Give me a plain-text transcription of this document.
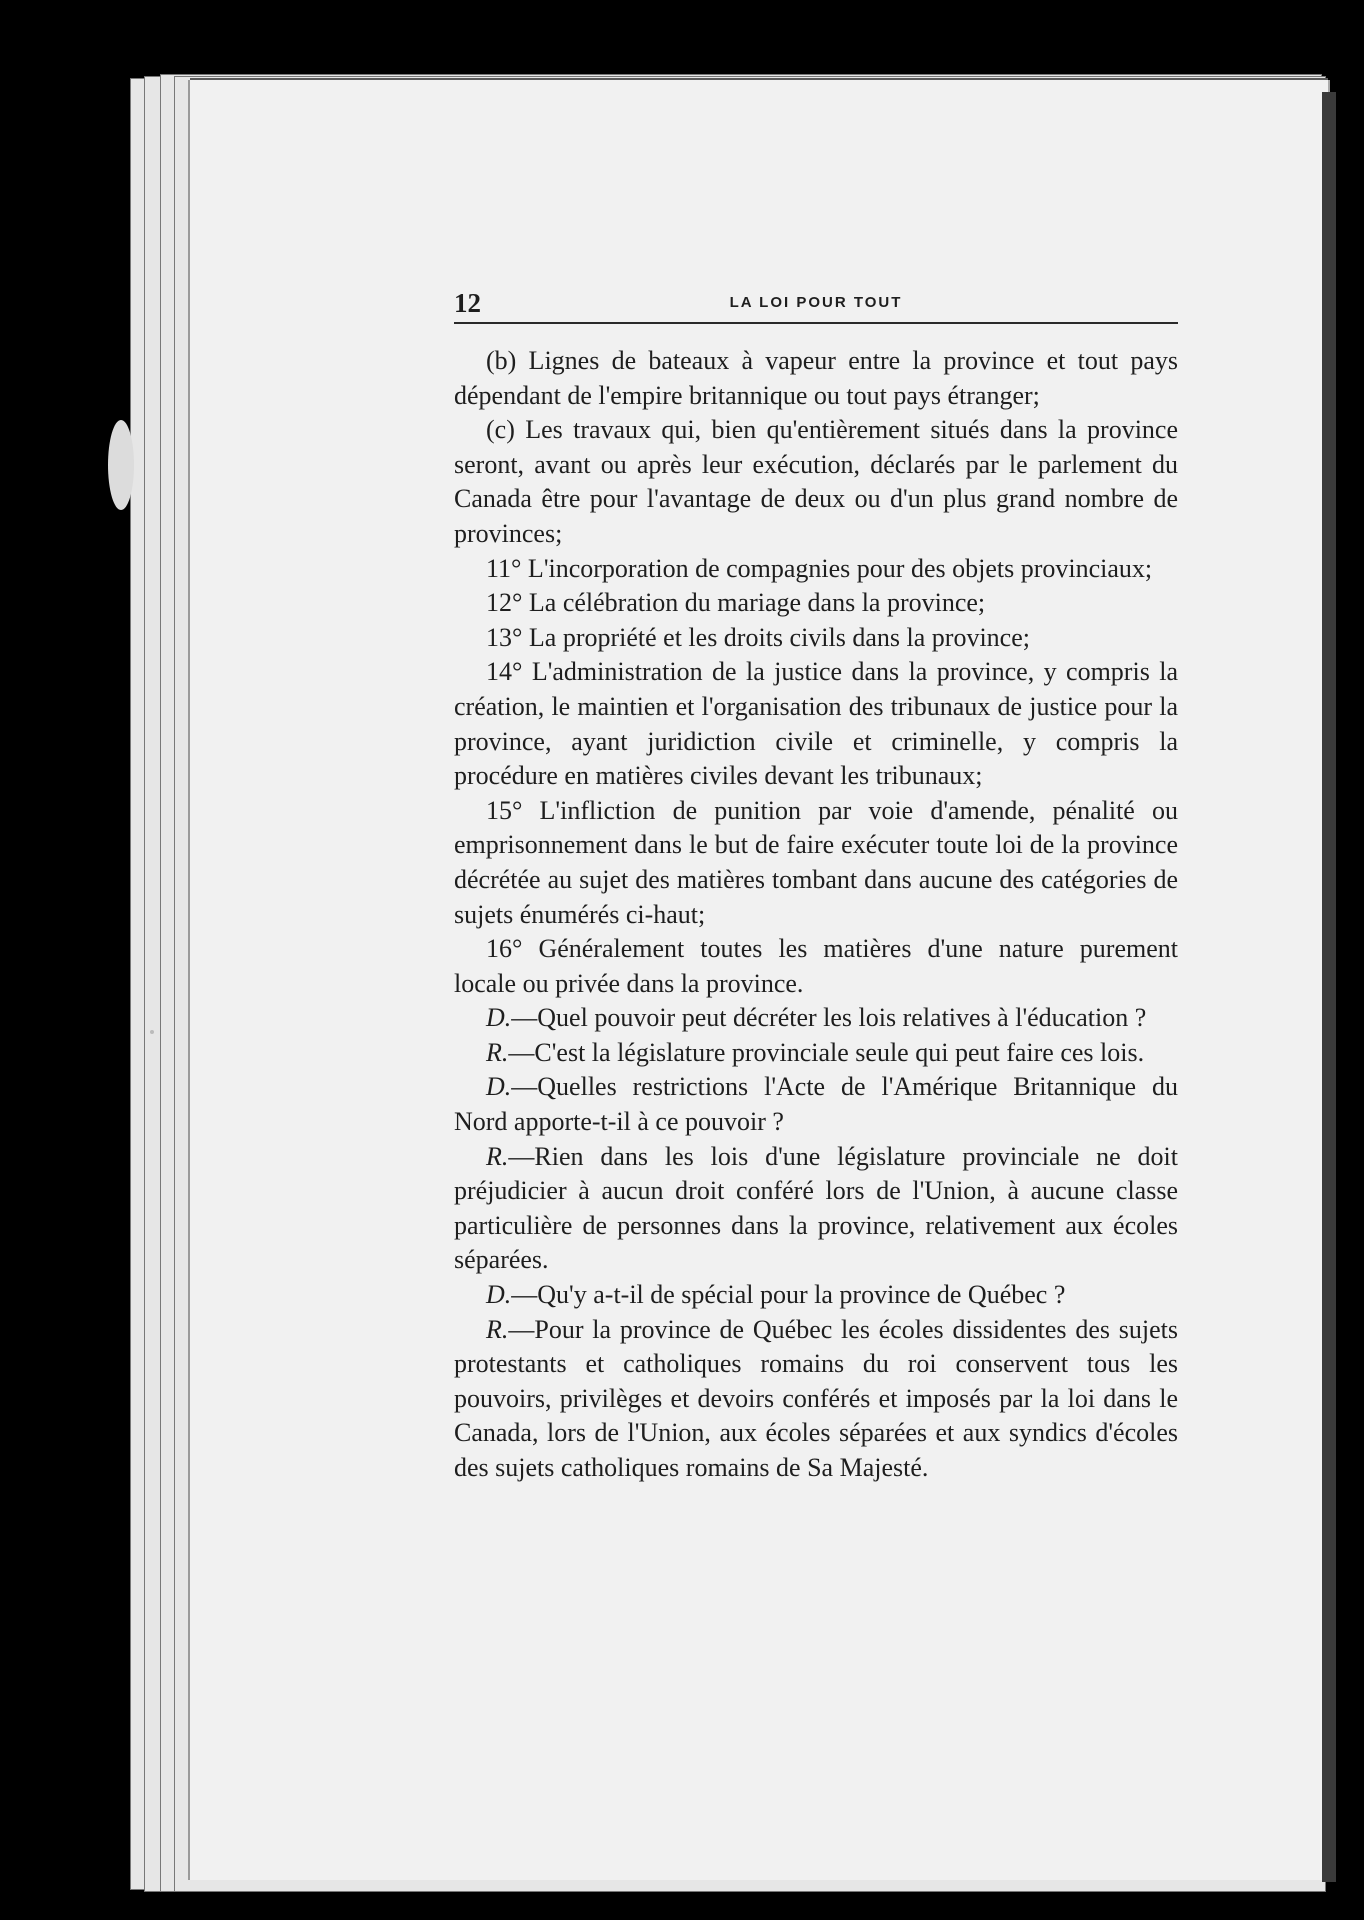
12	LA LOI POUR TOUT

(b) Lignes de bateaux à vapeur entre la province et tout pays dépendant de l'empire britannique ou tout pays étranger;

(c) Les travaux qui, bien qu'entièrement situés dans la province seront, avant ou après leur exécution, déclarés par le parlement du Canada être pour l'avantage de deux ou d'un plus grand nombre de provinces;

11° L'incorporation de compagnies pour des objets provinciaux;

12° La célébration du mariage dans la province;

13° La propriété et les droits civils dans la province;

14° L'administration de la justice dans la province, y compris la création, le maintien et l'organisation des tribunaux de justice pour la province, ayant juridiction civile et criminelle, y compris la procédure en matières civiles devant les tribunaux;

15° L'infliction de punition par voie d'amende, pénalité ou emprisonnement dans le but de faire exécuter toute loi de la province décrétée au sujet des matières tombant dans aucune des catégories de sujets énumérés ci-haut;

16° Généralement toutes les matières d'une nature purement locale ou privée dans la province.

D.—Quel pouvoir peut décréter les lois relatives à l'éducation ?

R.—C'est la législature provinciale seule qui peut faire ces lois.

D.—Quelles restrictions l'Acte de l'Amérique Britannique du Nord apporte-t-il à ce pouvoir ?

R.—Rien dans les lois d'une législature provinciale ne doit préjudicier à aucun droit conféré lors de l'Union, à aucune classe particulière de personnes dans la province, relativement aux écoles séparées.

D.—Qu'y a-t-il de spécial pour la province de Québec ?

R.—Pour la province de Québec les écoles dissidentes des sujets protestants et catholiques romains du roi conservent tous les pouvoirs, privilèges et devoirs conférés et imposés par la loi dans le Canada, lors de l'Union, aux écoles séparées et aux syndics d'écoles des sujets catholiques romains de Sa Majesté.
